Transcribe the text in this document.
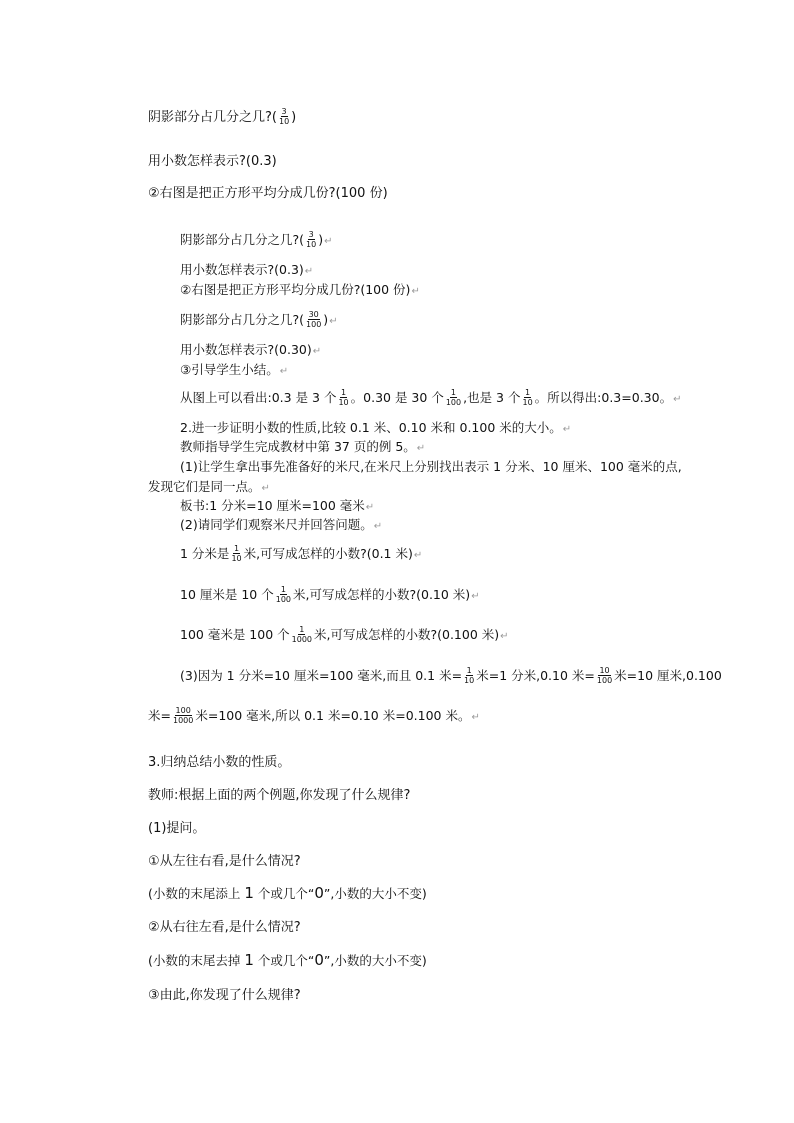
阴影部分占几分之几?( $\frac{3}{10}$ )
用小数怎样表示?(0.3)
②右图是把正方形平均分成几份?(100 份)
阴影部分占几分之几?( $\frac{3}{10}$ )↵
用小数怎样表示?(0.3)↵
②右图是把正方形平均分成几份?(100 份)↵
阴影部分占几分之几?( $\frac{30}{100}$ )↵
用小数怎样表示?(0.30)↵
③引导学生小结。↵
从图上可以看出:0.3 是 3 个 $\frac{1}{10}$ 。0.30 是 30 个 $\frac{1}{100}$ ,也是 3 个 $\frac{1}{10}$ 。所以得出:0.3=0.30。↵
2.进一步证明小数的性质,比较 0.1 米、0.10 米和 0.100 米的大小。↵
教师指导学生完成教材中第 37 页的例 5。↵
(1)让学生拿出事先准备好的米尺,在米尺上分别找出表示 1 分米、10 厘米、100 毫米的点,
发现它们是同一点。↵
板书:1 分米=10 厘米=100 毫米↵
(2)请同学们观察米尺并回答问题。↵
1 分米是 $\frac{1}{10}$ 米,可写成怎样的小数?(0.1 米)↵
10 厘米是 10 个 $\frac{1}{100}$ 米,可写成怎样的小数?(0.10 米)↵
100 毫米是 100 个 $\frac{1}{1000}$ 米,可写成怎样的小数?(0.100 米)↵
(3)因为 1 分米=10 厘米=100 毫米,而且 0.1 米= $\frac{1}{10}$ 米=1 分米,0.10 米= $\frac{10}{100}$ 米=10 厘米,0.100
米= $\frac{100}{1000}$ 米=100 毫米,所以 0.1 米=0.10 米=0.100 米。↵
3.归纳总结小数的性质。
教师:根据上面的两个例题,你发现了什么规律?
(1)提问。
①从左往右看,是什么情况?
(小数的末尾添上 1 个或几个“0”,小数的大小不变)
②从右往左看,是什么情况?
(小数的末尾去掉 1 个或几个“0”,小数的大小不变)
③由此,你发现了什么规律?
